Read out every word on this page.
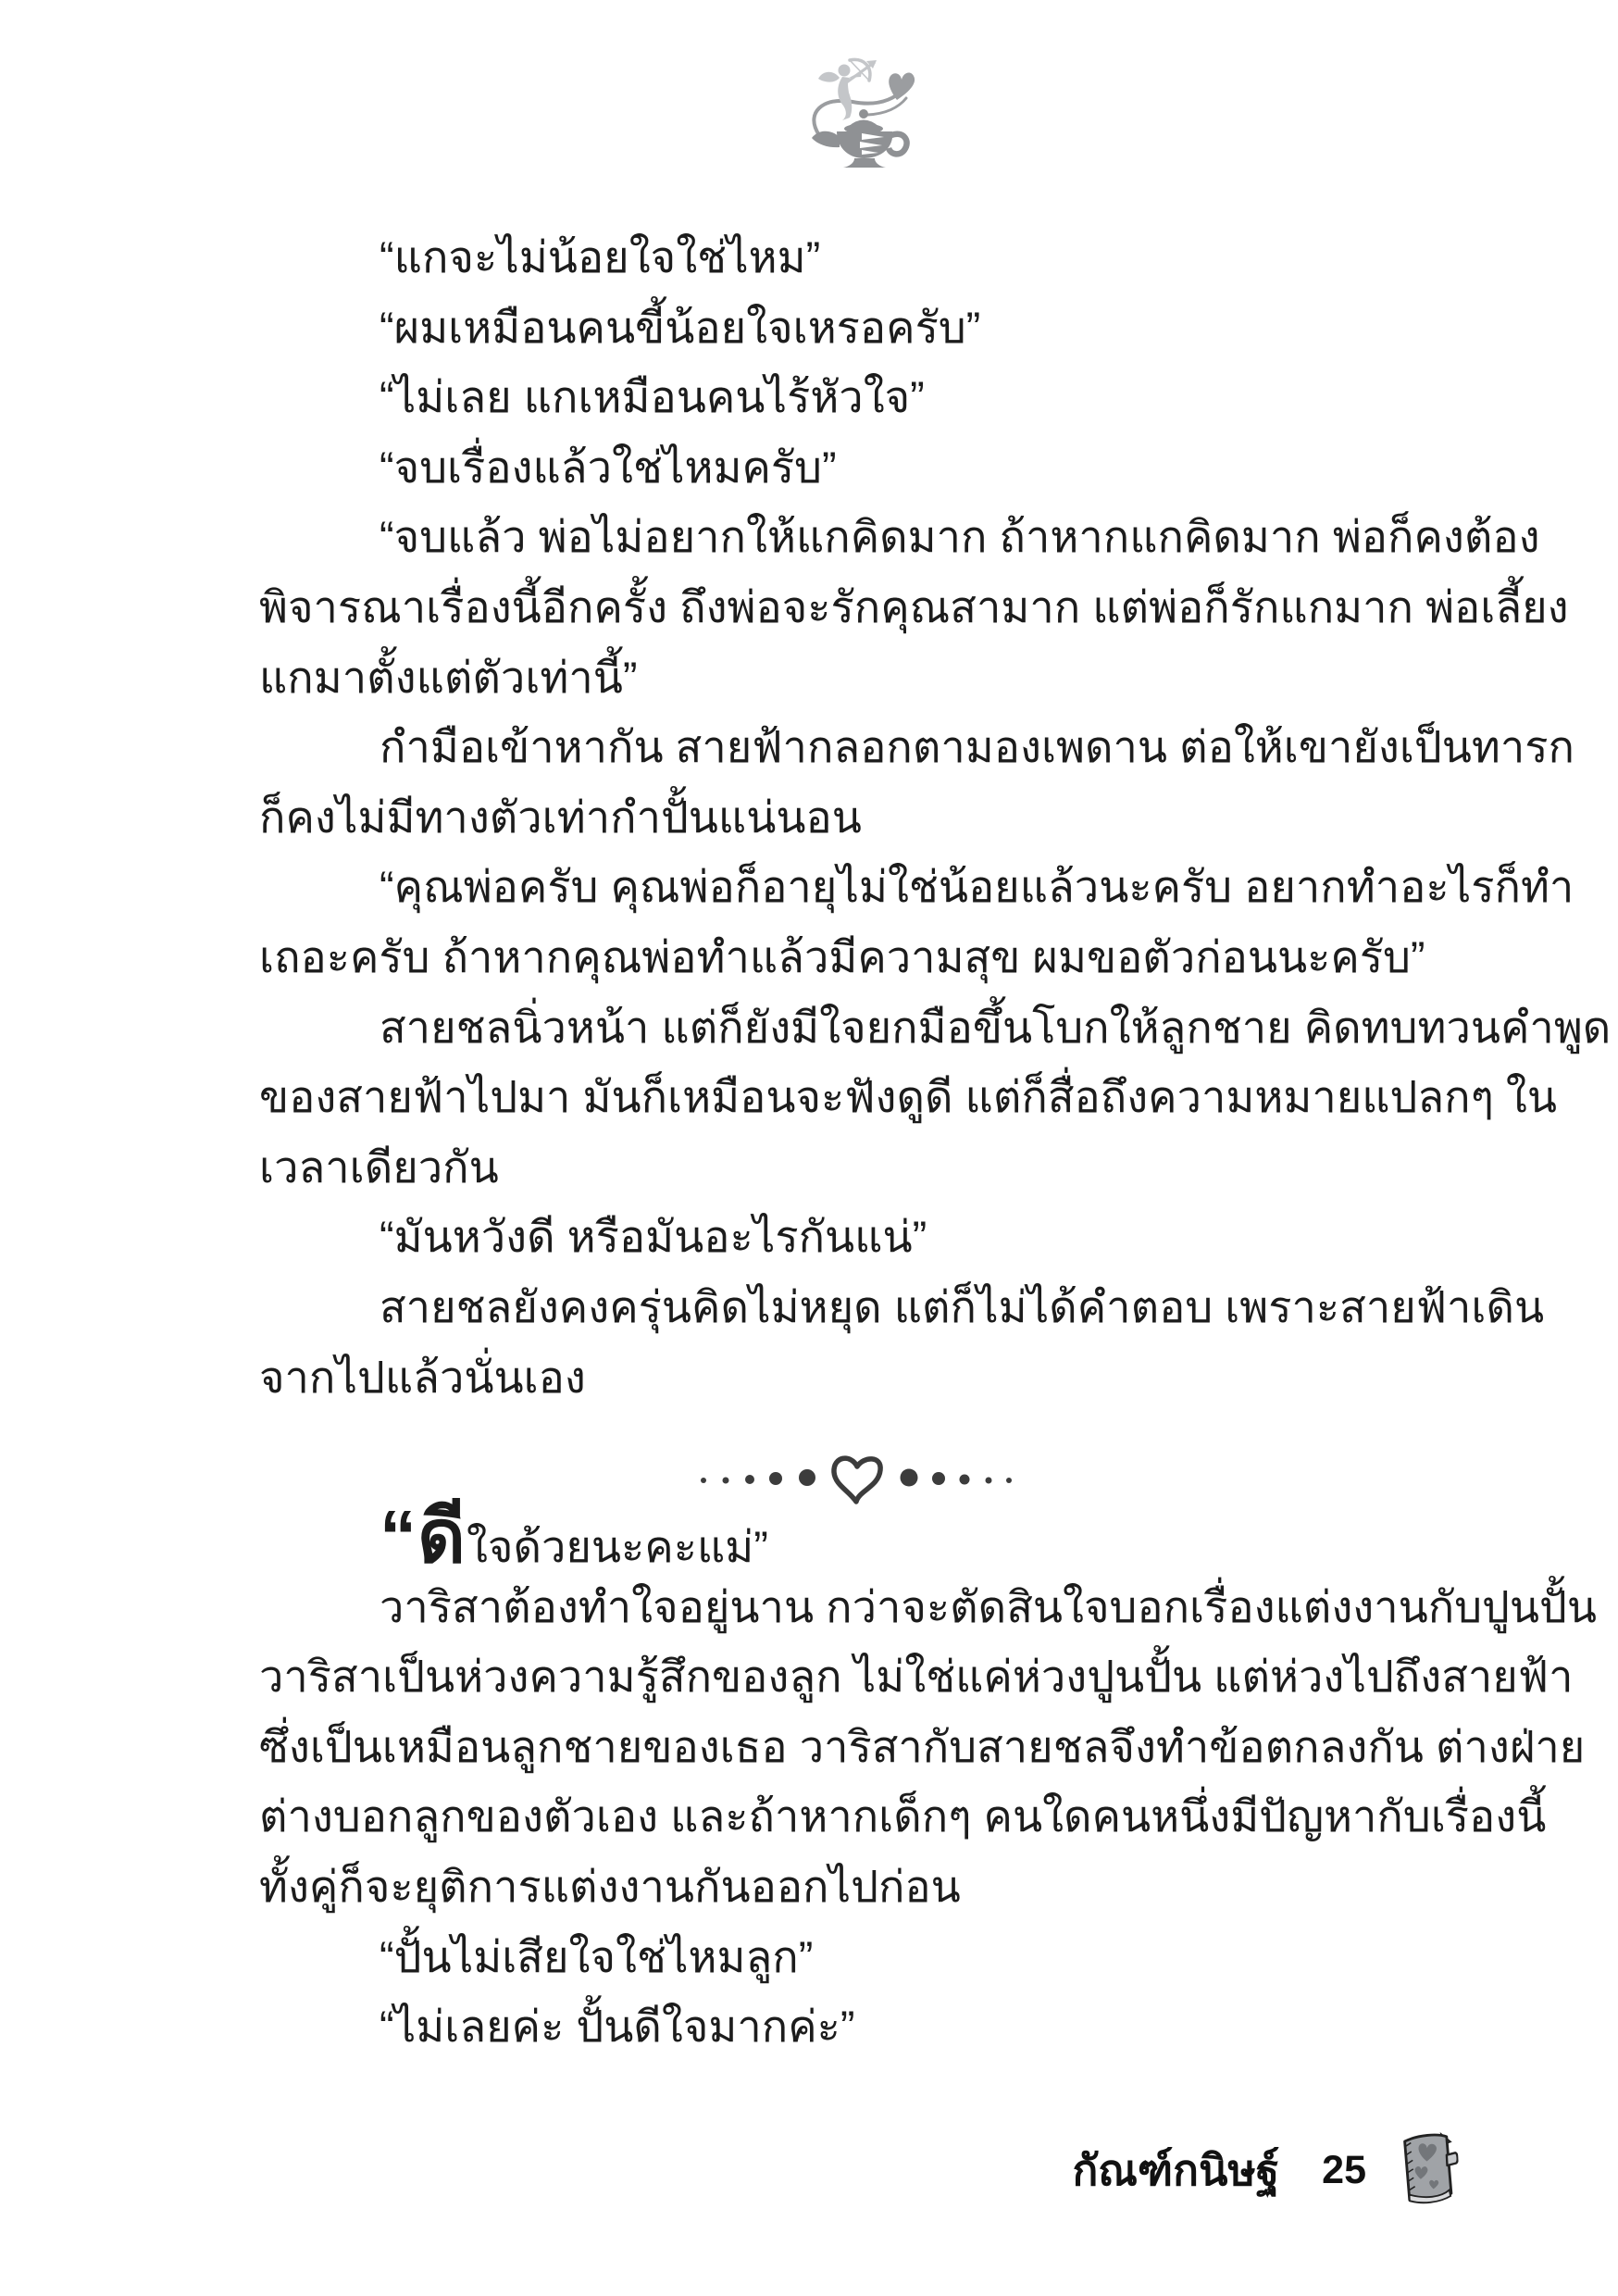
“แกจะไม่น้อยใจใช่ไหม”
“ผมเหมือนคนขี้น้อยใจเหรอครับ”
“ไม่เลย แกเหมือนคนไร้หัวใจ”
“จบเรื่องแล้วใช่ไหมครับ”
“จบแล้ว พ่อไม่อยากให้แกคิดมาก ถ้าหากแกคิดมาก พ่อก็คงต้อง
พิจารณาเรื่องนี้อีกครั้ง ถึงพ่อจะรักคุณสามาก แต่พ่อก็รักแกมาก พ่อเลี้ยง
แกมาตั้งแต่ตัวเท่านี้”
กำมือเข้าหากัน สายฟ้ากลอกตามองเพดาน ต่อให้เขายังเป็นทารก
ก็คงไม่มีทางตัวเท่ากำปั้นแน่นอน
“คุณพ่อครับ คุณพ่อก็อายุไม่ใช่น้อยแล้วนะครับ อยากทำอะไรก็ทำ
เถอะครับ ถ้าหากคุณพ่อทำแล้วมีความสุข ผมขอตัวก่อนนะครับ”
สายชลนิ่วหน้า แต่ก็ยังมีใจยกมือขึ้นโบกให้ลูกชาย คิดทบทวนคำพูด
ของสายฟ้าไปมา มันก็เหมือนจะฟังดูดี แต่ก็สื่อถึงความหมายแปลกๆ ใน
เวลาเดียวกัน
“มันหวังดี หรือมันอะไรกันแน่”
สายชลยังคงครุ่นคิดไม่หยุด แต่ก็ไม่ได้คำตอบ เพราะสายฟ้าเดิน
จากไปแล้วนั่นเอง
“ดีใจด้วยนะคะแม่”
วาริสาต้องทำใจอยู่นาน กว่าจะตัดสินใจบอกเรื่องแต่งงานกับปูนปั้น
วาริสาเป็นห่วงความรู้สึกของลูก ไม่ใช่แค่ห่วงปูนปั้น แต่ห่วงไปถึงสายฟ้า
ซึ่งเป็นเหมือนลูกชายของเธอ วาริสากับสายชลจึงทำข้อตกลงกัน ต่างฝ่าย
ต่างบอกลูกของตัวเอง และถ้าหากเด็กๆ คนใดคนหนึ่งมีปัญหากับเรื่องนี้
ทั้งคู่ก็จะยุติการแต่งงานกันออกไปก่อน
“ปั้นไม่เสียใจใช่ไหมลูก”
“ไม่เลยค่ะ ปั้นดีใจมากค่ะ”
กัณฑ์กนิษฐ์ 25
